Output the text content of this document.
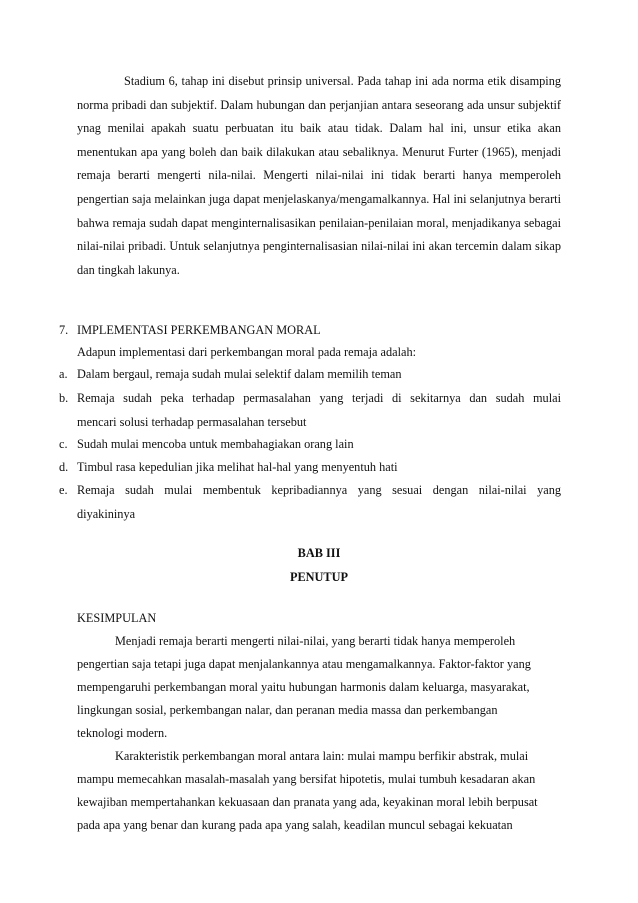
Stadium 6, tahap ini disebut prinsip universal. Pada tahap ini ada norma etik disamping norma pribadi dan subjektif. Dalam hubungan dan perjanjian antara seseorang ada unsur subjektif ynag menilai apakah suatu perbuatan itu baik atau tidak. Dalam hal ini, unsur etika akan menentukan apa yang boleh dan baik dilakukan atau sebaliknya. Menurut Furter (1965), menjadi remaja berarti mengerti nila-nilai. Mengerti nilai-nilai ini tidak berarti hanya memperoleh pengertian saja melainkan juga dapat menjelaskanya/mengamalkannya. Hal ini selanjutnya berarti bahwa remaja sudah dapat menginternalisasikan penilaian-penilaian moral, menjadikanya sebagai nilai-nilai pribadi. Untuk selanjutnya penginternalisasian nilai-nilai ini akan tercemin dalam sikap dan tingkah lakunya.

7. IMPLEMENTASI PERKEMBANGAN MORAL

Adapun implementasi dari perkembangan moral pada remaja adalah:

a. Dalam bergaul, remaja sudah mulai selektif dalam memilih teman

b. Remaja sudah peka terhadap permasalahan yang terjadi di sekitarnya dan sudah mulai

mencari solusi terhadap permasalahan tersebut

c. Sudah mulai mencoba untuk membahagiakan orang lain

d. Timbul rasa kepedulian jika melihat hal-hal yang menyentuh hati

e. Remaja sudah mulai membentuk kepribadiannya yang sesuai dengan nilai-nilai yang

diyakininya

BAB III

PENUTUP

KESIMPULAN

Menjadi remaja berarti mengerti nilai-nilai, yang berarti tidak hanya memperoleh

pengertian saja tetapi juga dapat menjalankannya atau mengamalkannya. Faktor-faktor yang

mempengaruhi perkembangan moral yaitu hubungan harmonis dalam keluarga, masyarakat,

lingkungan sosial, perkembangan nalar, dan peranan media massa dan perkembangan

teknologi modern.

Karakteristik perkembangan moral antara lain: mulai mampu berfikir abstrak, mulai

mampu memecahkan masalah-masalah yang bersifat hipotetis, mulai tumbuh kesadaran akan

kewajiban mempertahankan kekuasaan dan pranata yang ada, keyakinan moral lebih berpusat

pada apa yang benar dan kurang pada apa yang salah, keadilan muncul sebagai kekuatan
